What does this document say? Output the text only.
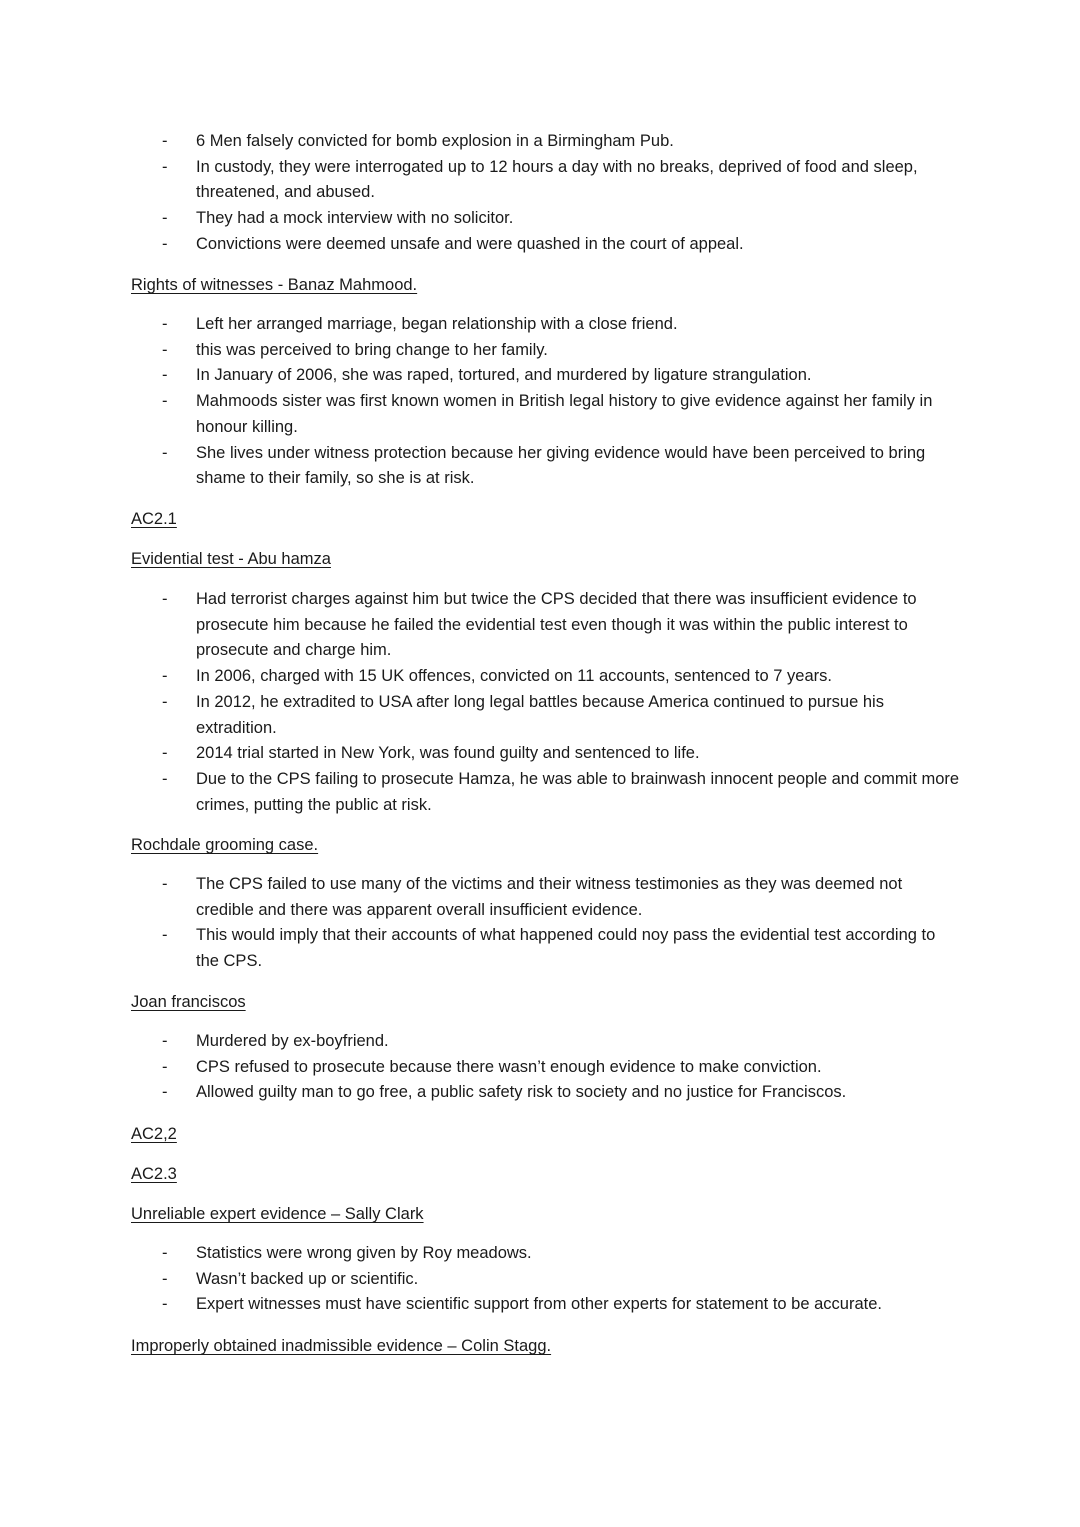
- 6 Men falsely convicted for bomb explosion in a Birmingham Pub.
- In custody, they were interrogated up to 12 hours a day with no breaks, deprived of food and sleep, threatened, and abused.
- They had a mock interview with no solicitor.
- Convictions were deemed unsafe and were quashed in the court of appeal.
Rights of witnesses - Banaz Mahmood.
- Left her arranged marriage, began relationship with a close friend.
- this was perceived to bring change to her family.
- In January of 2006, she was raped, tortured, and murdered by ligature strangulation.
- Mahmoods sister was first known women in British legal history to give evidence against her family in honour killing.
- She lives under witness protection because her giving evidence would have been perceived to bring shame to their family, so she is at risk.
AC2.1
Evidential test - Abu hamza
- Had terrorist charges against him but twice the CPS decided that there was insufficient evidence to prosecute him because he failed the evidential test even though it was within the public interest to prosecute and charge him.
- In 2006, charged with 15 UK offences, convicted on 11 accounts, sentenced to 7 years.
- In 2012, he extradited to USA after long legal battles because America continued to pursue his extradition.
- 2014 trial started in New York, was found guilty and sentenced to life.
- Due to the CPS failing to prosecute Hamza, he was able to brainwash innocent people and commit more crimes, putting the public at risk.
Rochdale grooming case.
- The CPS failed to use many of the victims and their witness testimonies as they was deemed not credible and there was apparent overall insufficient evidence.
- This would imply that their accounts of what happened could noy pass the evidential test according to the CPS.
Joan franciscos
- Murdered by ex-boyfriend.
- CPS refused to prosecute because there wasn’t enough evidence to make conviction.
- Allowed guilty man to go free, a public safety risk to society and no justice for Franciscos.
AC2,2
AC2.3
Unreliable expert evidence – Sally Clark
- Statistics were wrong given by Roy meadows.
- Wasn’t backed up or scientific.
- Expert witnesses must have scientific support from other experts for statement to be accurate.
Improperly obtained inadmissible evidence – Colin Stagg.
